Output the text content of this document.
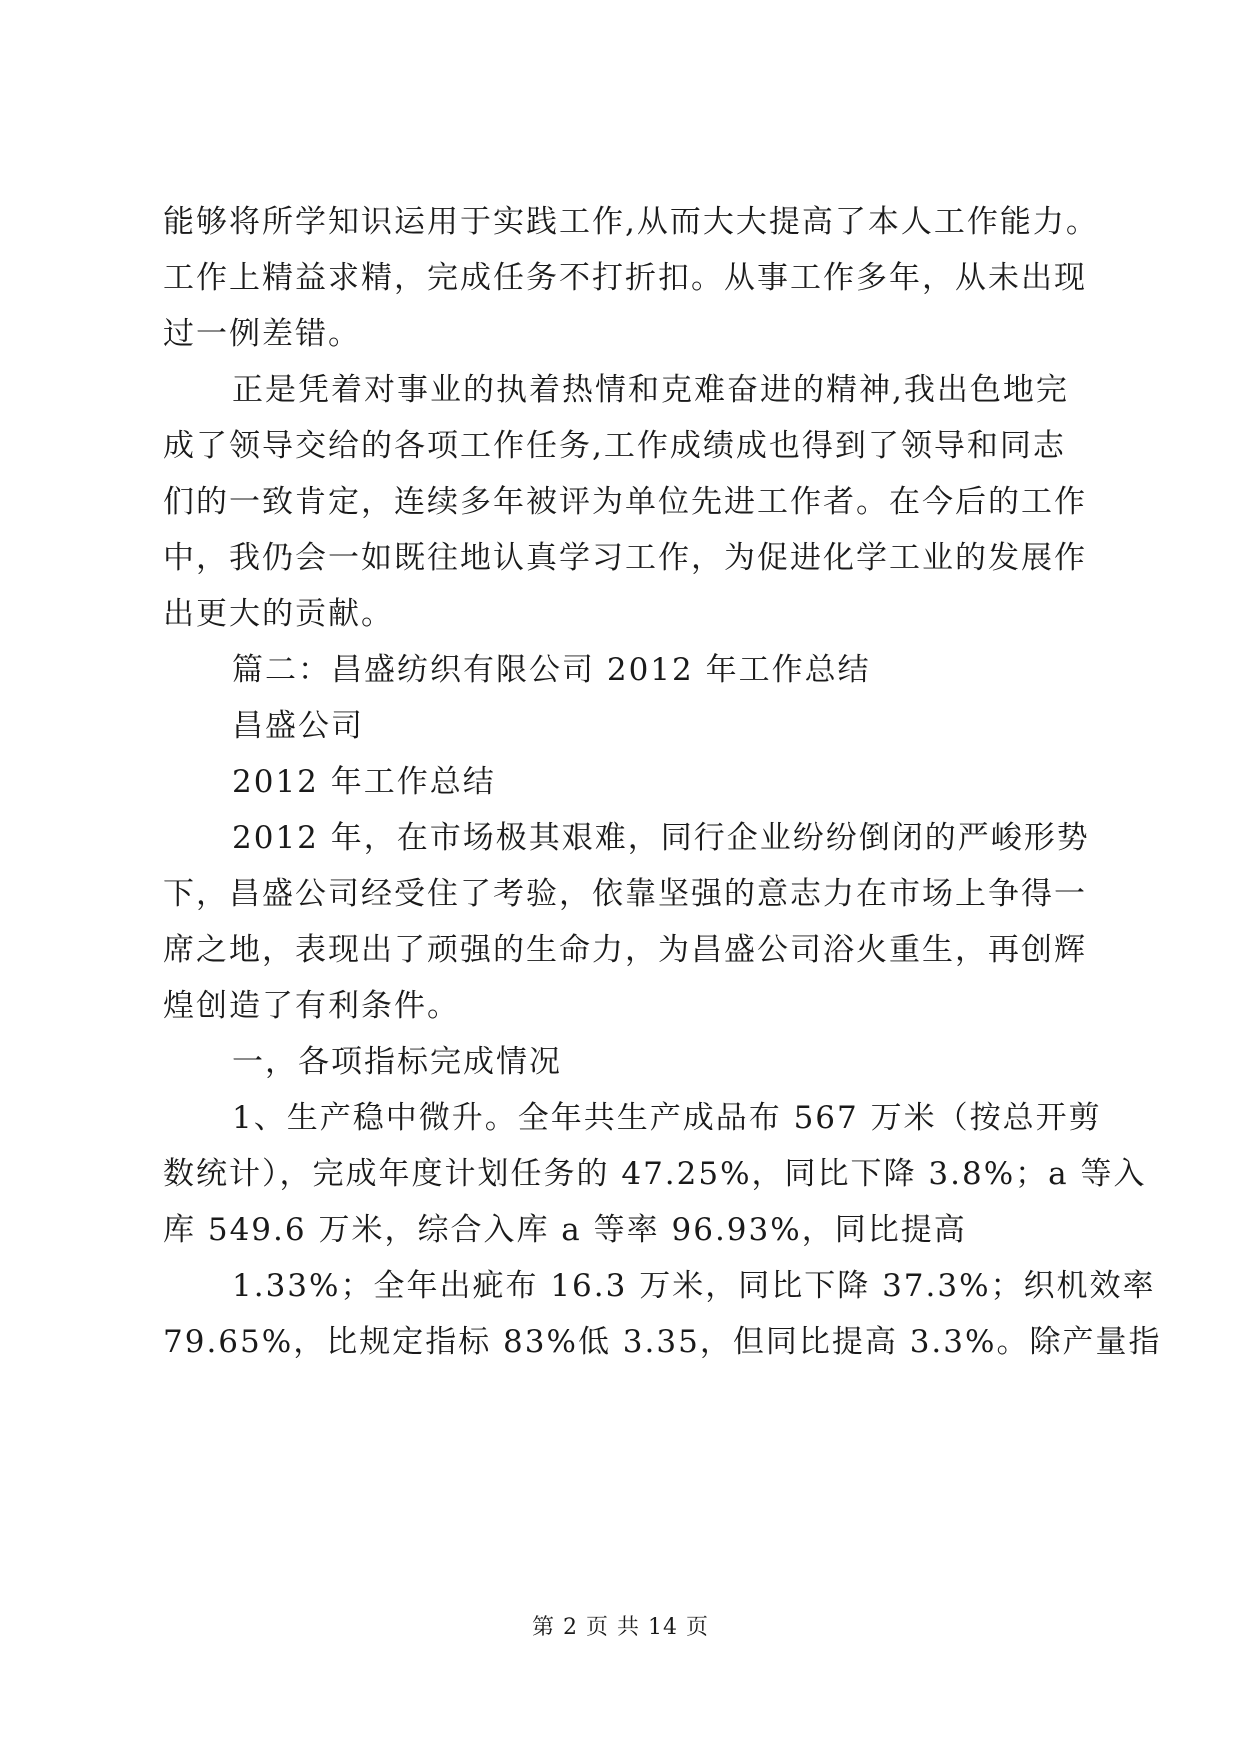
能够将所学知识运用于实践工作,从而大大提高了本人工作能力。
工作上精益求精，完成任务不打折扣。从事工作多年，从未出现
过一例差错。
正是凭着对事业的执着热情和克难奋进的精神,我出色地完
成了领导交给的各项工作任务,工作成绩成也得到了领导和同志
们的一致肯定，连续多年被评为单位先进工作者。在今后的工作
中，我仍会一如既往地认真学习工作，为促进化学工业的发展作
出更大的贡献。
篇二：昌盛纺织有限公司 2012 年工作总结
昌盛公司
2012 年工作总结
2012 年，在市场极其艰难，同行企业纷纷倒闭的严峻形势
下，昌盛公司经受住了考验，依靠坚强的意志力在市场上争得一
席之地，表现出了顽强的生命力，为昌盛公司浴火重生，再创辉
煌创造了有利条件。
一，各项指标完成情况
1、生产稳中微升。全年共生产成品布 567 万米（按总开剪
数统计），完成年度计划任务的 47.25%，同比下降 3.8%；a 等入
库 549.6 万米，综合入库 a 等率 96.93%，同比提高
1.33%；全年出疵布 16.3 万米，同比下降 37.3%；织机效率
79.65%，比规定指标 83%低 3.35，但同比提高 3.3%。除产量指
第 2 页 共 14 页
